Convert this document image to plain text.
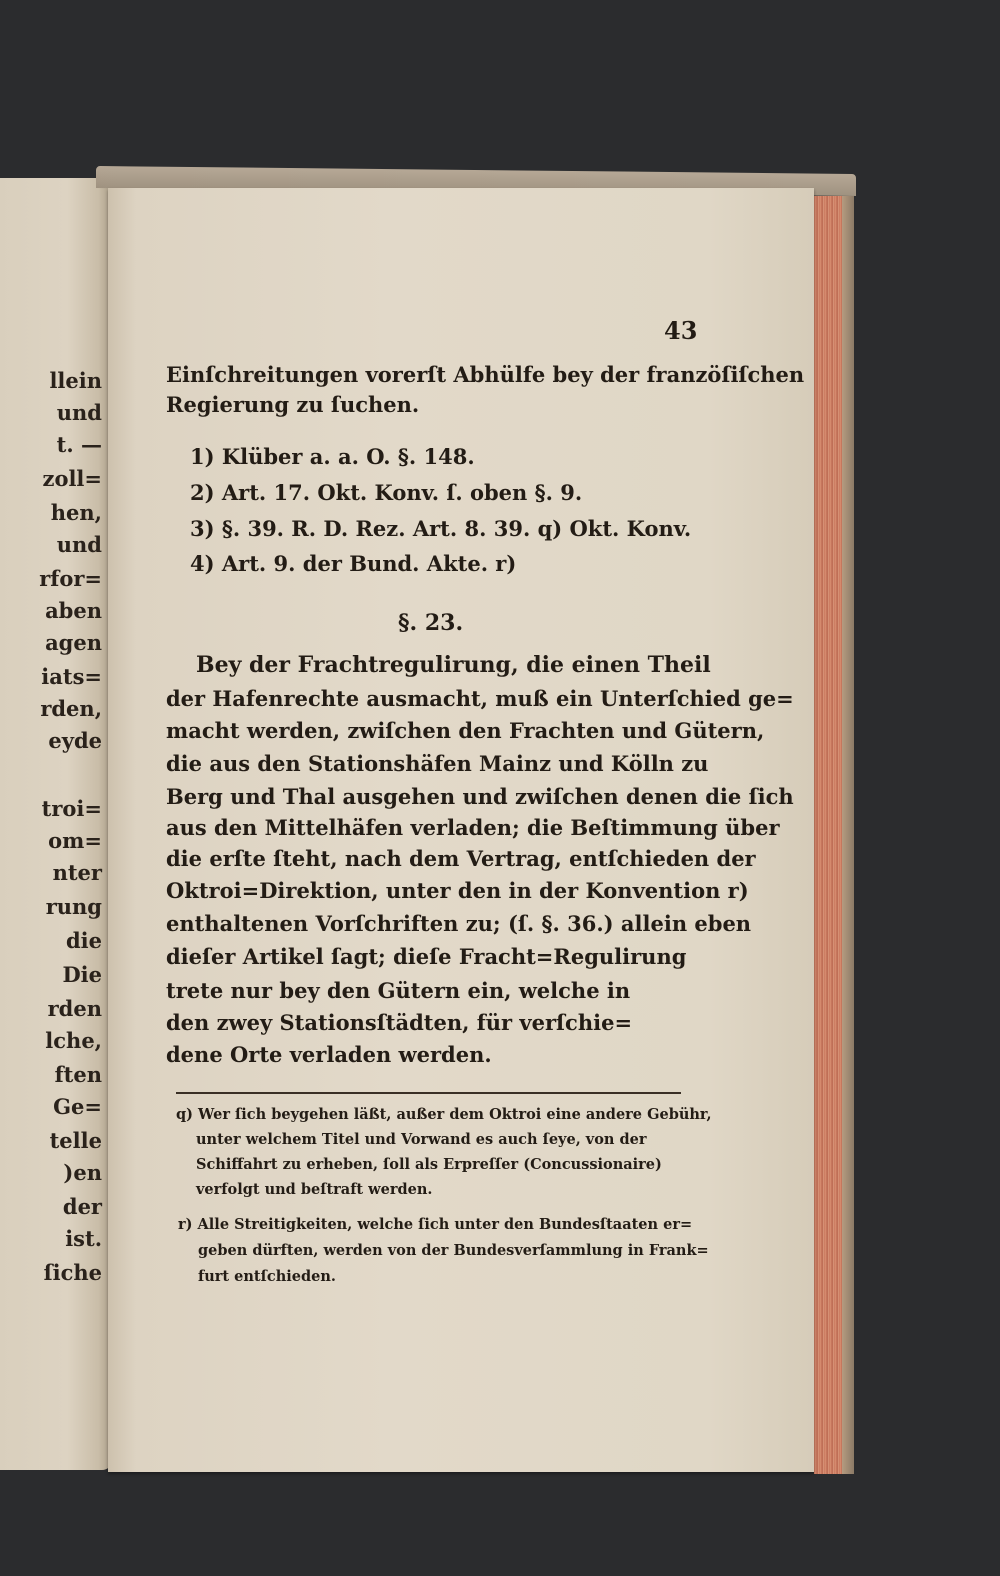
llein
und
t. —
zoll=
hen,
und
rfor=
aben
agen
iats=
rden,
eyde
troi=
om=
nter
rung
die
Die
rden
lche,
ften
Ge=
telle
)en
der
ist.
ſiche
43
Einſchreitungen vorerſt Abhülfe bey der franzöſiſchen
Regierung zu ſuchen.
1) Klüber a. a. O. §. 148.
2) Art. 17. Okt. Konv. ſ. oben §. 9.
3) §. 39. R. D. Rez. Art. 8. 39. q) Okt. Konv.
4) Art. 9. der Bund. Akte. r)
§. 23.
Bey der Frachtregulirung, die einen Theil
der Hafenrechte ausmacht, muß ein Unterſchied ge=
macht werden, zwiſchen den Frachten und Gütern,
die aus den Stationshäfen Mainz und Kölln zu
Berg und Thal ausgehen und zwiſchen denen die ſich
aus den Mittelhäfen verladen; die Beſtimmung über
die erſte ſteht, nach dem Vertrag, entſchieden der
Oktroi=Direktion, unter den in der Konvention r)
enthaltenen Vorſchriften zu; (ſ. §. 36.) allein eben
dieſer Artikel ſagt; dieſe Fracht=Regulirung
trete nur bey den Gütern ein, welche in
den zwey Stationsſtädten, für verſchie=
dene Orte verladen werden.
q) Wer ſich beygehen läßt, außer dem Oktroi eine andere Gebühr,
unter welchem Titel und Vorwand es auch ſeye, von der
Schiffahrt zu erheben, ſoll als Erpreſſer (Concussionaire)
verfolgt und beſtraft werden.
r) Alle Streitigkeiten, welche ſich unter den Bundesſtaaten er=
geben dürften, werden von der Bundesverſammlung in Frank=
furt entſchieden.
